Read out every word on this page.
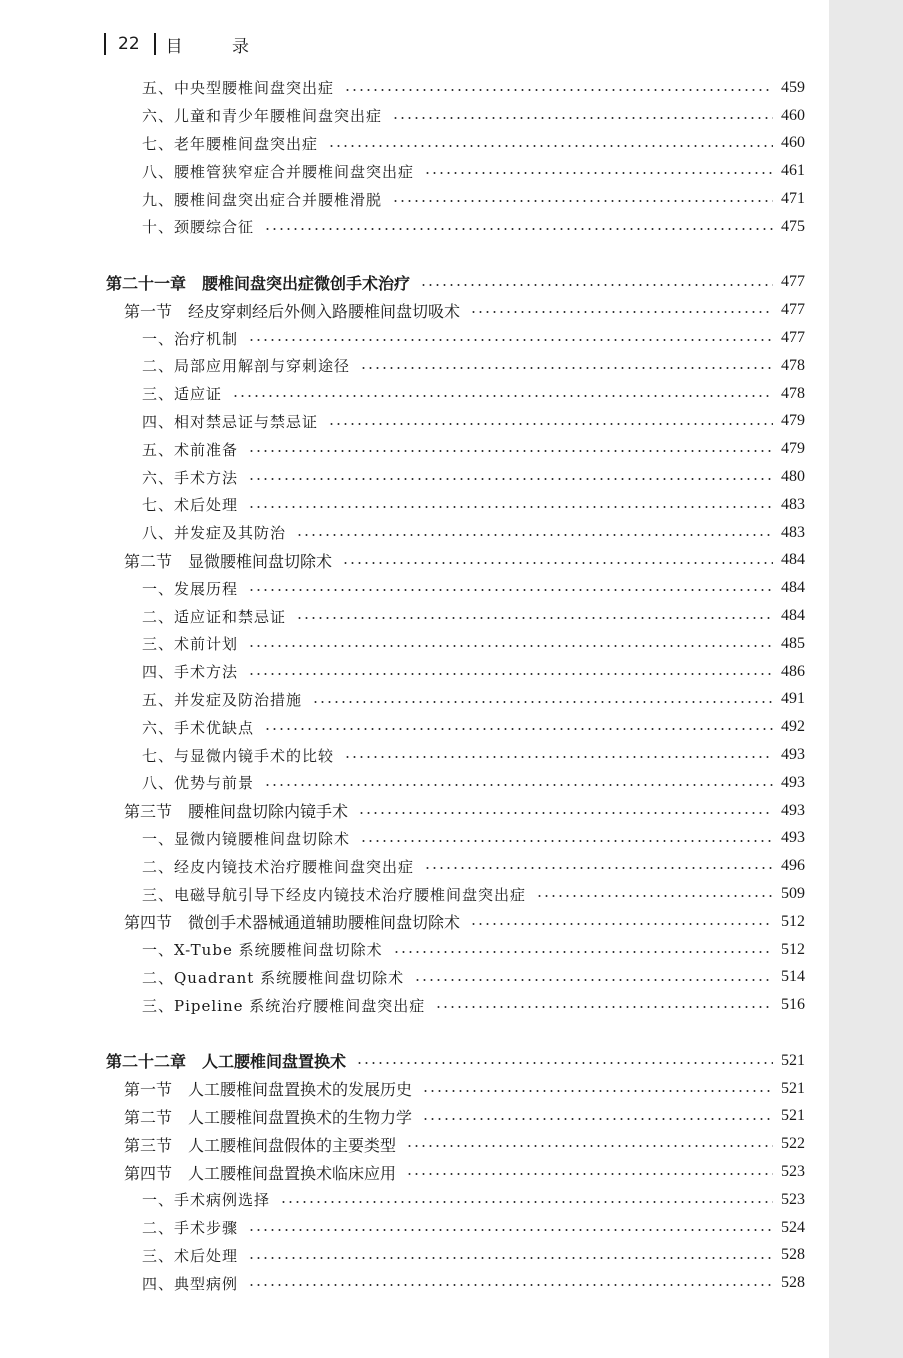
22 目 录
五、中央型腰椎间盘突出症	459
六、儿童和青少年腰椎间盘突出症	460
七、老年腰椎间盘突出症	460
八、腰椎管狭窄症合并腰椎间盘突出症	461
九、腰椎间盘突出症合并腰椎滑脱	471
十、颈腰综合征	475
第二十一章　腰椎间盘突出症微创手术治疗	477
第一节　经皮穿刺经后外侧入路腰椎间盘切吸术	477
一、治疗机制	477
二、局部应用解剖与穿刺途径	478
三、适应证	478
四、相对禁忌证与禁忌证	479
五、术前准备	479
六、手术方法	480
七、术后处理	483
八、并发症及其防治	483
第二节　显微腰椎间盘切除术	484
一、发展历程	484
二、适应证和禁忌证	484
三、术前计划	485
四、手术方法	486
五、并发症及防治措施	491
六、手术优缺点	492
七、与显微内镜手术的比较	493
八、优势与前景	493
第三节　腰椎间盘切除内镜手术	493
一、显微内镜腰椎间盘切除术	493
二、经皮内镜技术治疗腰椎间盘突出症	496
三、电磁导航引导下经皮内镜技术治疗腰椎间盘突出症	509
第四节　微创手术器械通道辅助腰椎间盘切除术	512
一、X-Tube 系统腰椎间盘切除术	512
二、Quadrant 系统腰椎间盘切除术	514
三、Pipeline 系统治疗腰椎间盘突出症	516
第二十二章　人工腰椎间盘置换术	521
第一节　人工腰椎间盘置换术的发展历史	521
第二节　人工腰椎间盘置换术的生物力学	521
第三节　人工腰椎间盘假体的主要类型	522
第四节　人工腰椎间盘置换术临床应用	523
一、手术病例选择	523
二、手术步骤	524
三、术后处理	528
四、典型病例	528
